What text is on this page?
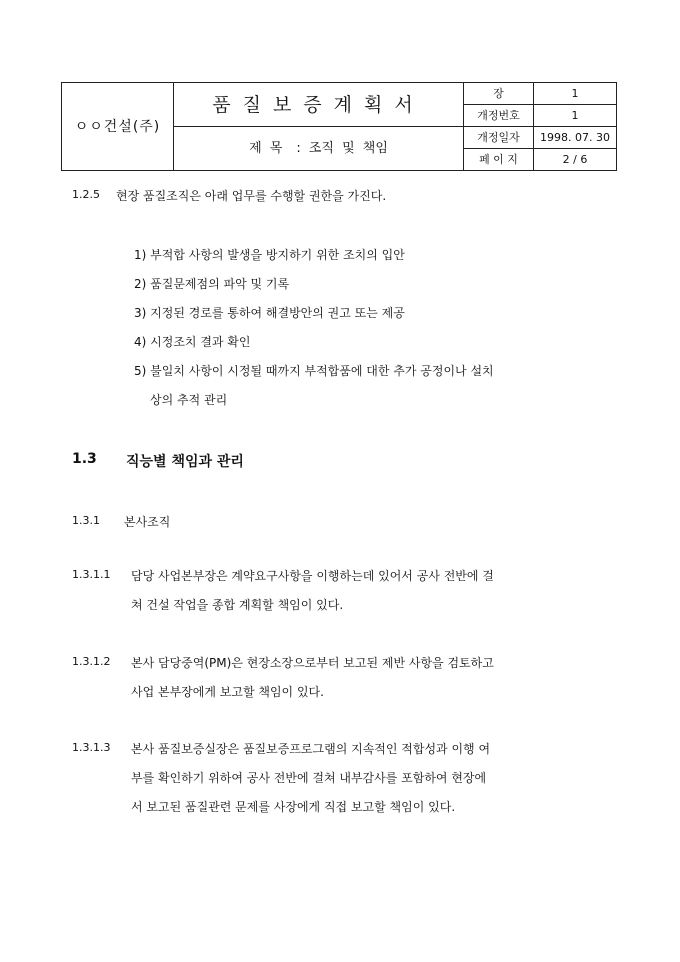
ㅇㅇ건설(주)	품질보증계획서	장	1
		개정번호	1
	제 목 : 조직 및 책임	개정일자	1998. 07. 30
		페 이 지	2 / 6
1.2.5 현장 품질조직은 아래 업무를 수행할 권한을 가진다.
1) 부적합 사항의 발생을 방지하기 위한 조치의 입안
2) 품질문제점의 파악 및 기록
3) 지정된 경로를 통하여 해결방안의 권고 또는 제공
4) 시정조치 결과 확인
5) 불일치 사항이 시정될 때까지 부적합품에 대한 추가 공정이나 설치
상의 추적 관리
1.3 직능별 책임과 관리
1.3.1 본사조직
1.3.1.1 담당 사업본부장은 계약요구사항을 이행하는데 있어서 공사 전반에 걸
쳐 건설 작업을 종합 계획할 책임이 있다.
1.3.1.2 본사 담당중역(PM)은 현장소장으로부터 보고된 제반 사항을 검토하고
사업 본부장에게 보고할 책임이 있다.
1.3.1.3 본사 품질보증실장은 품질보증프로그램의 지속적인 적합성과 이행 여
부를 확인하기 위하여 공사 전반에 걸쳐 내부감사를 포함하여 현장에
서 보고된 품질관련 문제를 사장에게 직접 보고할 책임이 있다.
